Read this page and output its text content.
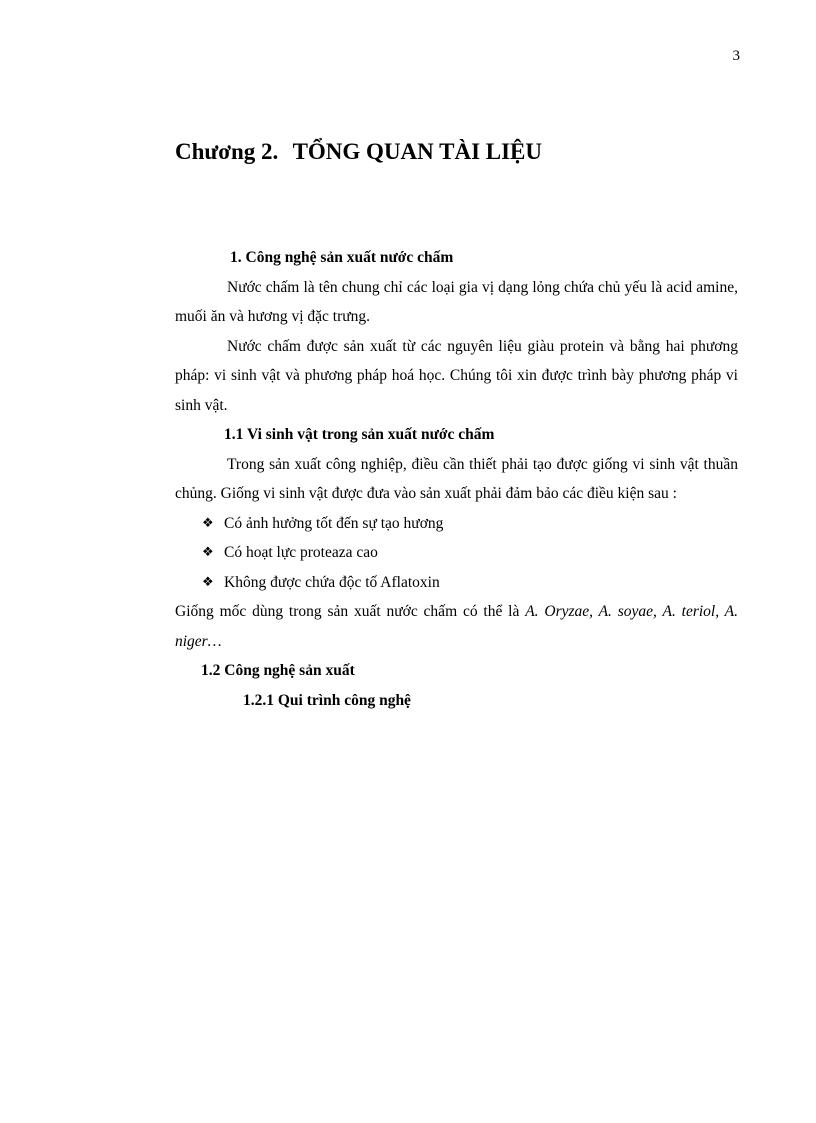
3
Chương 2. TỔNG QUAN TÀI LIỆU

1. Công nghệ sản xuất nước chấm

Nước chấm là tên chung chỉ các loại gia vị dạng lỏng chứa chủ yếu là acid amine, muối ăn và hương vị đặc trưng.

Nước chấm được sản xuất từ các nguyên liệu giàu protein và bằng hai phương pháp: vi sinh vật và phương pháp hoá học. Chúng tôi xin được trình bày phương pháp vi sinh vật.

1.1 Vi sinh vật trong sản xuất nước chấm

Trong sản xuất công nghiệp, điều cần thiết phải tạo được giống vi sinh vật thuần chủng. Giống vi sinh vật được đưa vào sản xuất phải đảm bảo các điều kiện sau :

❖ Có ảnh hưởng tốt đến sự tạo hương
❖ Có hoạt lực proteaza cao
❖ Không được chứa độc tố Aflatoxin

Giống mốc dùng trong sản xuất nước chấm có thể là A. Oryzae, A. soyae, A. teriol, A. niger…

1.2 Công nghệ sản xuất

1.2.1 Qui trình công nghệ
